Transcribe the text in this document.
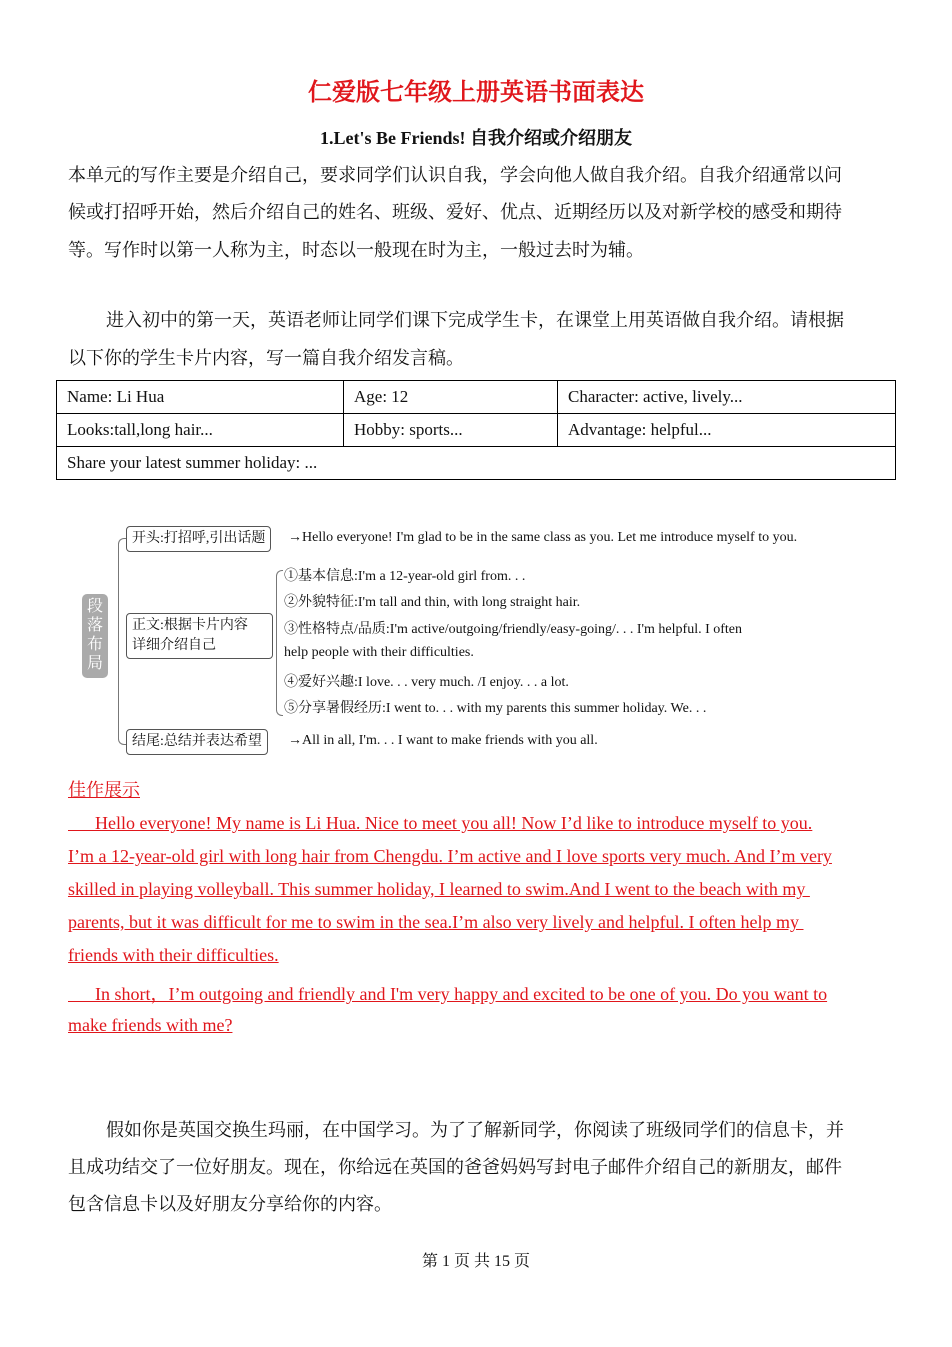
仁爱版七年级上册英语书面表达
1.Let's Be Friends! 自我介绍或介绍朋友
本单元的写作主要是介绍自己，要求同学们认识自我，学会向他人做自我介绍。自我介绍通常以问
候或打招呼开始，然后介绍自己的姓名、班级、爱好、优点、近期经历以及对新学校的感受和期待
等。写作时以第一人称为主，时态以一般现在时为主，一般过去时为辅。
进入初中的第一天，英语老师让同学们课下完成学生卡，在课堂上用英语做自我介绍。请根据
以下你的学生卡片内容，写一篇自我介绍发言稿。
Name: Li Hua	Age: 12	Character: active, lively...
Looks:tall,long hair...	Hobby: sports...	Advantage: helpful...
Share your latest summer holiday: ...		
段落布局
开头:打招呼,引出话题	→Hello everyone! I'm glad to be in the same class as you. Let me introduce myself to you.
正文:根据卡片内容
详细介绍自己
①基本信息:I'm a 12-year-old girl from. . .
②外貌特征:I'm tall and thin, with long straight hair.
③性格特点/品质:I'm active/outgoing/friendly/easy-going/. . . I'm helpful. I often
help people with their difficulties.
④爱好兴趣:I love. . . very much. /I enjoy. . . a lot.
⑤分享暑假经历:I went to. . . with my parents this summer holiday. We. . .
结尾:总结并表达希望	→All in all, I'm. . . I want to make friends with you all.
佳作展示
Hello everyone! My name is Li Hua. Nice to meet you all! Now I’d like to introduce myself to you.
I’m a 12-year-old girl with long hair from Chengdu. I’m active and I love sports very much. And I’m very
skilled in playing volleyball. This summer holiday, I learned to swim.And I went to the beach with my
parents, but it was difficult for me to swim in the sea.I’m also very lively and helpful. I often help my
friends with their difficulties.
In short，I’m outgoing and friendly and I'm very happy and excited to be one of you. Do you want to
make friends with me?
假如你是英国交换生玛丽，在中国学习。为了了解新同学，你阅读了班级同学们的信息卡，并
且成功结交了一位好朋友。现在，你给远在英国的爸爸妈妈写封电子邮件介绍自己的新朋友，邮件
包含信息卡以及好朋友分享给你的内容。
第 1 页 共 15 页
